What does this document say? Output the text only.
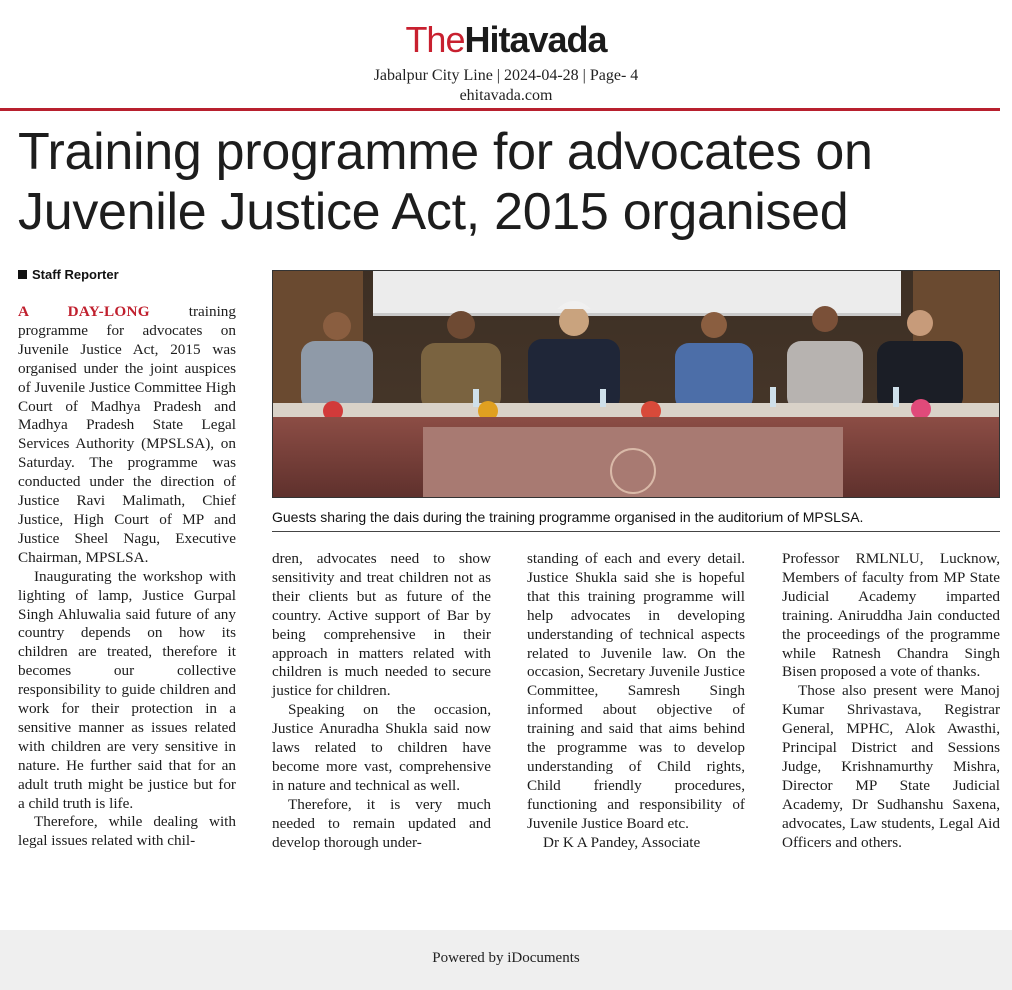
TheHitavada
Jabalpur City Line | 2024-04-28 | Page- 4
ehitavada.com
Training programme for advocates on
Juvenile Justice Act, 2015 organised
Staff Reporter

A DAY-LONG training programme for advocates on Juvenile Justice Act, 2015 was organised under the joint auspices of Juvenile Justice Committee High Court of Madhya Pradesh and Madhya Pradesh State Legal Services Authority (MPSLSA), on Saturday. The programme was conducted under the direction of Justice Ravi Malimath, Chief Justice, High Court of MP and Justice Sheel Nagu, Executive Chairman, MPSLSA.

Inaugurating the workshop with lighting of lamp, Justice Gurpal Singh Ahluwalia said future of any country depends on how its children are treated, therefore it becomes our collective responsibility to guide children and work for their protection in a sensitive manner as issues related with children are very sensitive in nature. He further said that for an adult truth might be justice but for a child truth is life.

Therefore, while dealing with legal issues related with chil-

Guests sharing the dais during the training programme organised in the auditorium of MPSLSA.

dren, advocates need to show sensitivity and treat children not as their clients but as future of the country. Active support of Bar by being comprehensive in their approach in matters related with children is much needed to secure justice for children.

Speaking on the occasion, Justice Anuradha Shukla said now laws related to children have become more vast, comprehensive in nature and technical as well.

Therefore, it is very much needed to remain updated and develop thorough under-

standing of each and every detail. Justice Shukla said she is hopeful that this training programme will help advocates in developing understanding of technical aspects related to Juvenile law. On the occasion, Secretary Juvenile Justice Committee, Samresh Singh informed about objective of training and said that aims behind the programme was to develop understanding of Child rights, Child friendly procedures, functioning and responsibility of Juvenile Justice Board etc.

Dr K A Pandey, Associate

Professor RMLNLU, Lucknow, Members of faculty from MP State Judicial Academy imparted training. Aniruddha Jain conducted the proceedings of the programme while Ratnesh Chandra Singh Bisen proposed a vote of thanks.

Those also present were Manoj Kumar Shrivastava, Registrar General, MPHC, Alok Awasthi, Principal District and Sessions Judge, Krishnamurthy Mishra, Director MP State Judicial Academy, Dr Sudhanshu Saxena, advocates, Law students, Legal Aid Officers and others.

Powered by iDocuments
